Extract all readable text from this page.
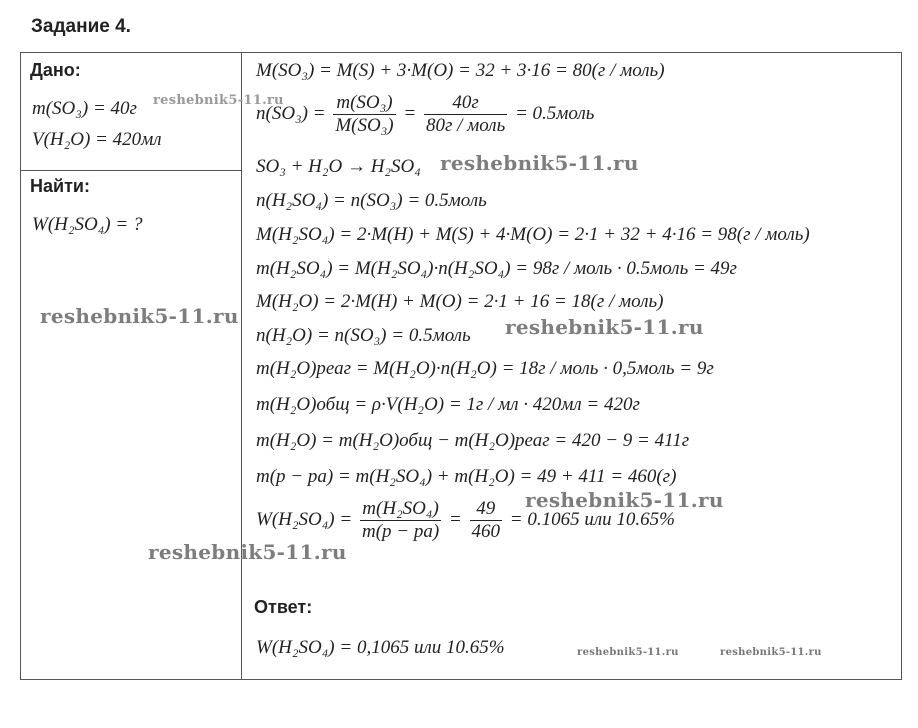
Задание 4.
Дано:
m(SO₃) = 40г
V(H₂O) = 420мл
Найти:
W(H₂SO₄) = ?
M(SO₃) = M(S) + 3·M(O) = 32 + 3·16 = 80(г / моль)
$n(SO_3) = \frac{\text{m(SO₃)}}{\text{M(SO₃)}} = \frac{40г}{\text{80г / моль}}$ = 0.5моль
SO₃ + H₂O → H₂SO₄
n(H₂SO₄) = n(SO₃) = 0.5моль
M(H₂SO₄) = 2·M(H) + M(S) + 4·M(O) = 2·1 + 32 + 4·16 = 98(г / моль)
m(H₂SO₄) = M(H₂SO₄)·n(H₂SO₄) = 98г / моль · 0.5моль = 49г
M(H₂O) = 2·M(H) + M(O) = 2·1 + 16 = 18(г / моль)
n(H₂O) = n(SO₃) = 0.5моль
m(H₂O)реаг = M(H₂O)·n(H₂O) = 18г / моль · 0,5моль = 9г
m(H₂O)общ = ρ·V(H₂O) = 1г / мл · 420мл = 420г
m(H₂O) = m(H₂O)общ − m(H₂O)реаг = 420 − 9 = 411г
m(p − pa) = m(H₂SO₄) + m(H₂O) = 49 + 411 = 460(г)
$W(H_2SO_4) = \frac{\text{m(H₂SO₄)}}{m(p - pa)} = \frac{49}{460} = 0.1065$ или 10.65%
Ответ:
W(H₂SO₄) = 0,1065 или 10.65%
reshebnik5-11.ru
reshebnik5-11.ru
reshebnik5-11.ru	reshebnik5-11.ru
reshebnik5-11.ru
reshebnik5-11.ru
reshebnik5-11.ru	reshebnik5-11.ru
